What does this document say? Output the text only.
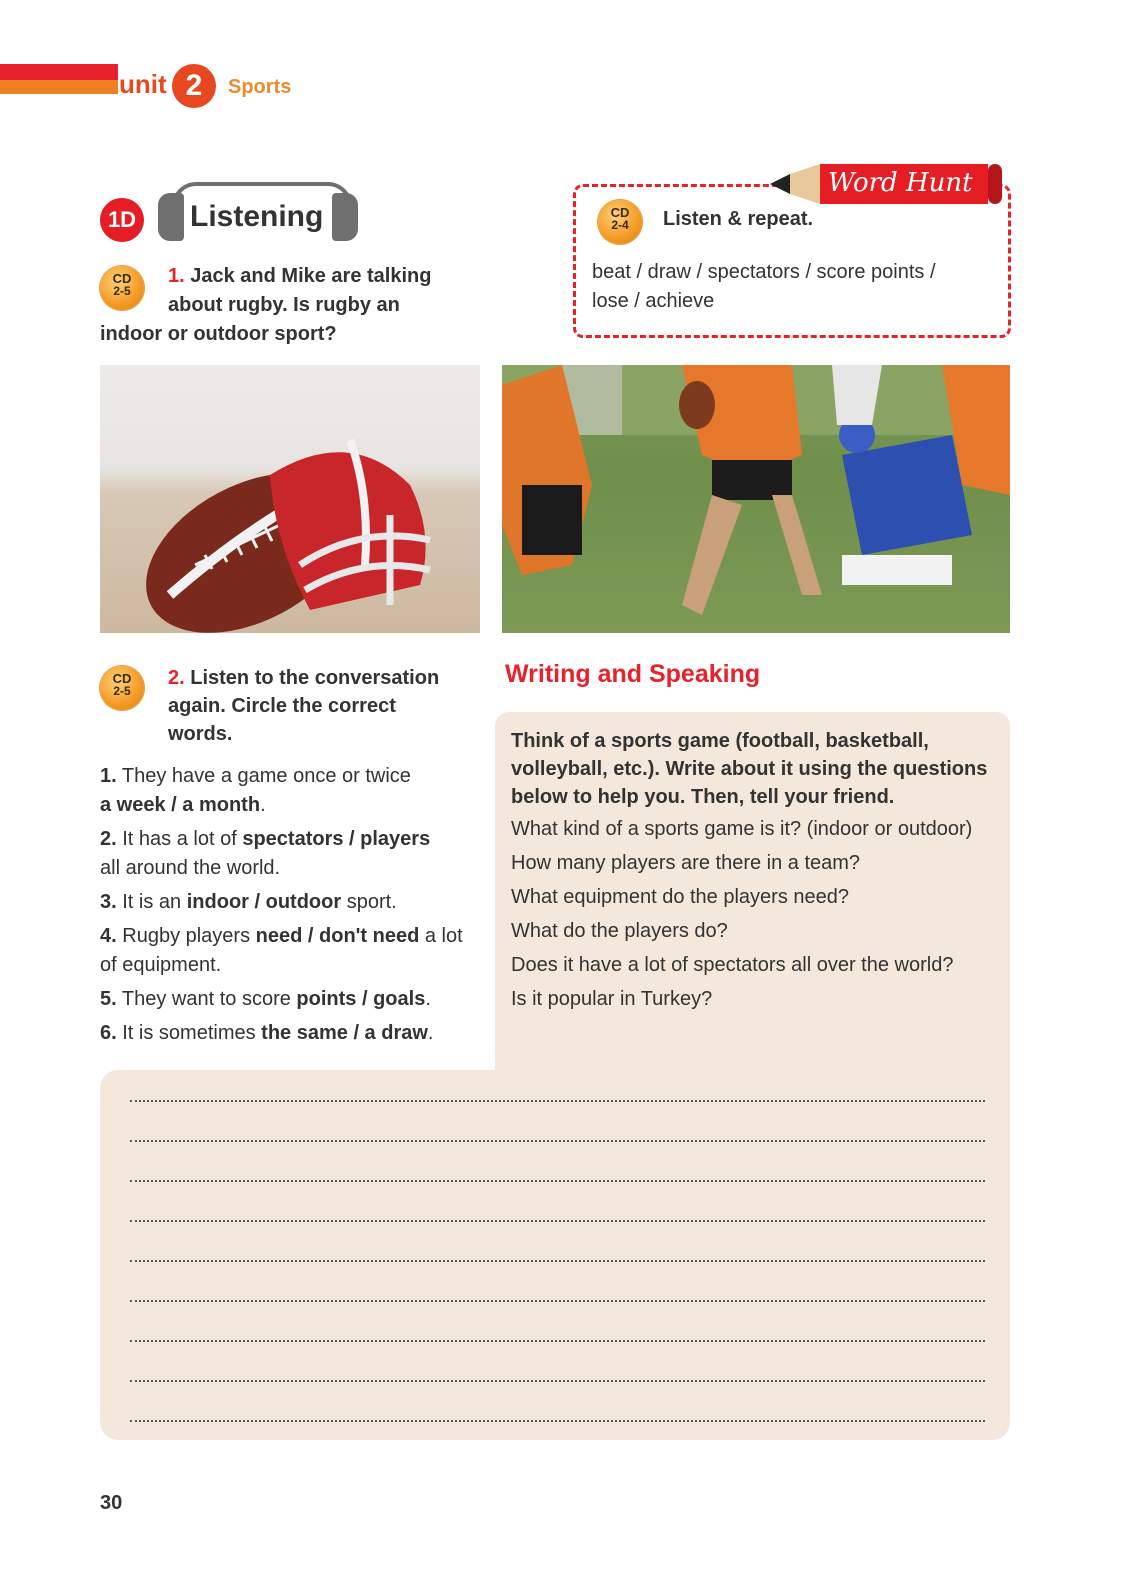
unit 2	Sports
1D Listening
CD
2-5
1. Jack and Mike are talking
about rugby. Is rugby an
indoor or outdoor sport?
Word Hunt
CD
2-4	Listen & repeat.
beat / draw / spectators / score points /
lose / achieve
CD
2-5
2. Listen to the conversation
again. Circle the correct
words.
1. They have a game once or twice
a week / a month.
2. It has a lot of spectators / players
all around the world.
3. It is an indoor / outdoor sport.
4. Rugby players need / don't need a lot of equipment.
5. They want to score points / goals.
6. It is sometimes the same / a draw.
Writing and Speaking
Think of a sports game (football, basketball, volleyball, etc.). Write about it using the questions below to help you. Then, tell your friend.
What kind of a sports game is it? (indoor or outdoor)
How many players are there in a team?
What equipment do the players need?
What do the players do?
Does it have a lot of spectators all over the world?
Is it popular in Turkey?
30
